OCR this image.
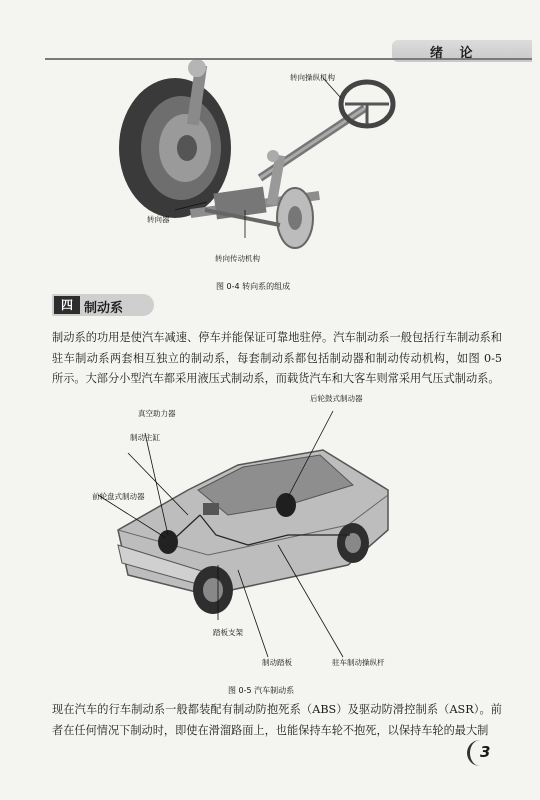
绪 论
转向操纵机构
转向器
转向传动机构
图 0-4 转向系的组成
四 制动系
制动系的功用是使汽车减速、停车并能保证可靠地驻停。汽车制动系一般包括行车制动系和驻车制动系两套相互独立的制动系，每套制动系都包括制动器和制动传动机构，如图 0-5 所示。大部分小型汽车都采用液压式制动系，而载货汽车和大客车则常采用气压式制动系。
真空助力器
后轮鼓式制动器
制动主缸
前轮盘式制动器
踏板支架
制动踏板	驻车制动操纵杆
图 0-5 汽车制动系
现在汽车的行车制动系一般都装配有制动防抱死系（ABS）及驱动防滑控制系（ASR）。前者在任何情况下制动时，即使在滑溜路面上，也能保持车轮不抱死，以保持车轮的最大制
3
